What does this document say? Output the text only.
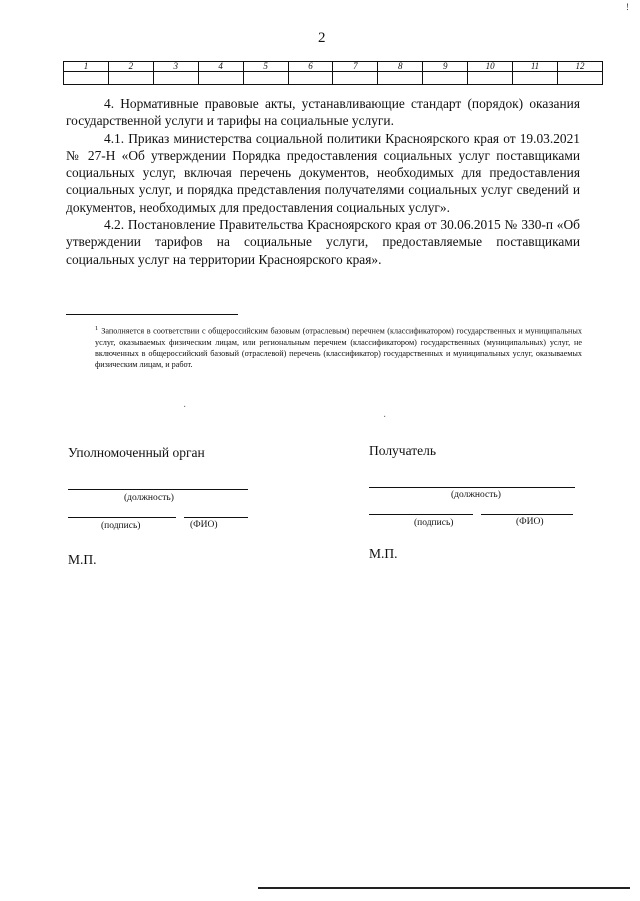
!
2
1	2	3	4	5	6	7	8	9	10	11	12

4. Нормативные правовые акты, устанавливающие стандарт (порядок) оказания государственной услуги и тарифы на социальные услуги.

4.1. Приказ министерства социальной политики Красноярского края от 19.03.2021 № 27-Н «Об утверждении Порядка предоставления социальных услуг поставщиками социальных услуг, включая перечень документов, необходимых для предоставления социальных услуг, и порядка представления получателями социальных услуг сведений и документов, необходимых для предоставления социальных услуг».

4.2. Постановление Правительства Красноярского края от 30.06.2015 № 330-п «Об утверждении тарифов на социальные услуги, предоставляемые поставщиками социальных услуг на территории Красноярского края».

$^1$ Заполняется в соответствии с общероссийским базовым (отраслевым) перечнем (классификатором) государственных и муниципальных услуг, оказываемых физическим лицам, или региональным перечнем (классификатором) государственных (муниципальных) услуг, не включенных в общероссийский базовый (отраслевой) перечень (классификатор) государственных и муниципальных услуг, оказываемых физическим лицам, и работ.
·
·
Уполномоченный орган
(должность)
(подпись)	(ФИО)
М.П.
Получатель
(должность)
(подпись)	(ФИО)
М.П.
